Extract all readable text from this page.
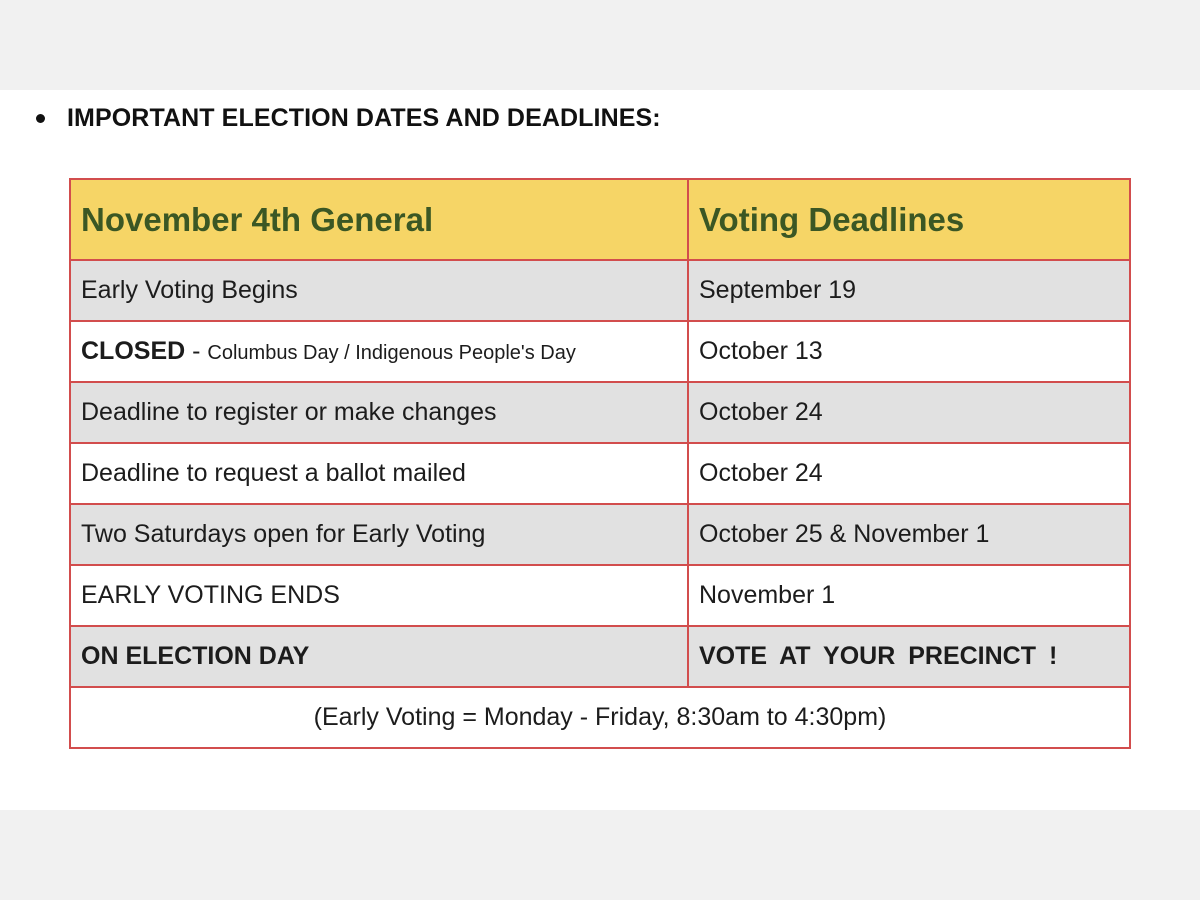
IMPORTANT ELECTION DATES AND DEADLINES:
November 4th General	Voting Deadlines
Early Voting Begins	September 19
CLOSED - Columbus Day / Indigenous People's Day	October 13
Deadline to register or make changes	October 24
Deadline to request a ballot mailed	October 24
Two Saturdays open for Early Voting	October 25 & November 1
EARLY VOTING ENDS	November 1
ON ELECTION DAY	VOTE AT YOUR PRECINCT !
(Early Voting = Monday - Friday, 8:30am to 4:30pm)	
